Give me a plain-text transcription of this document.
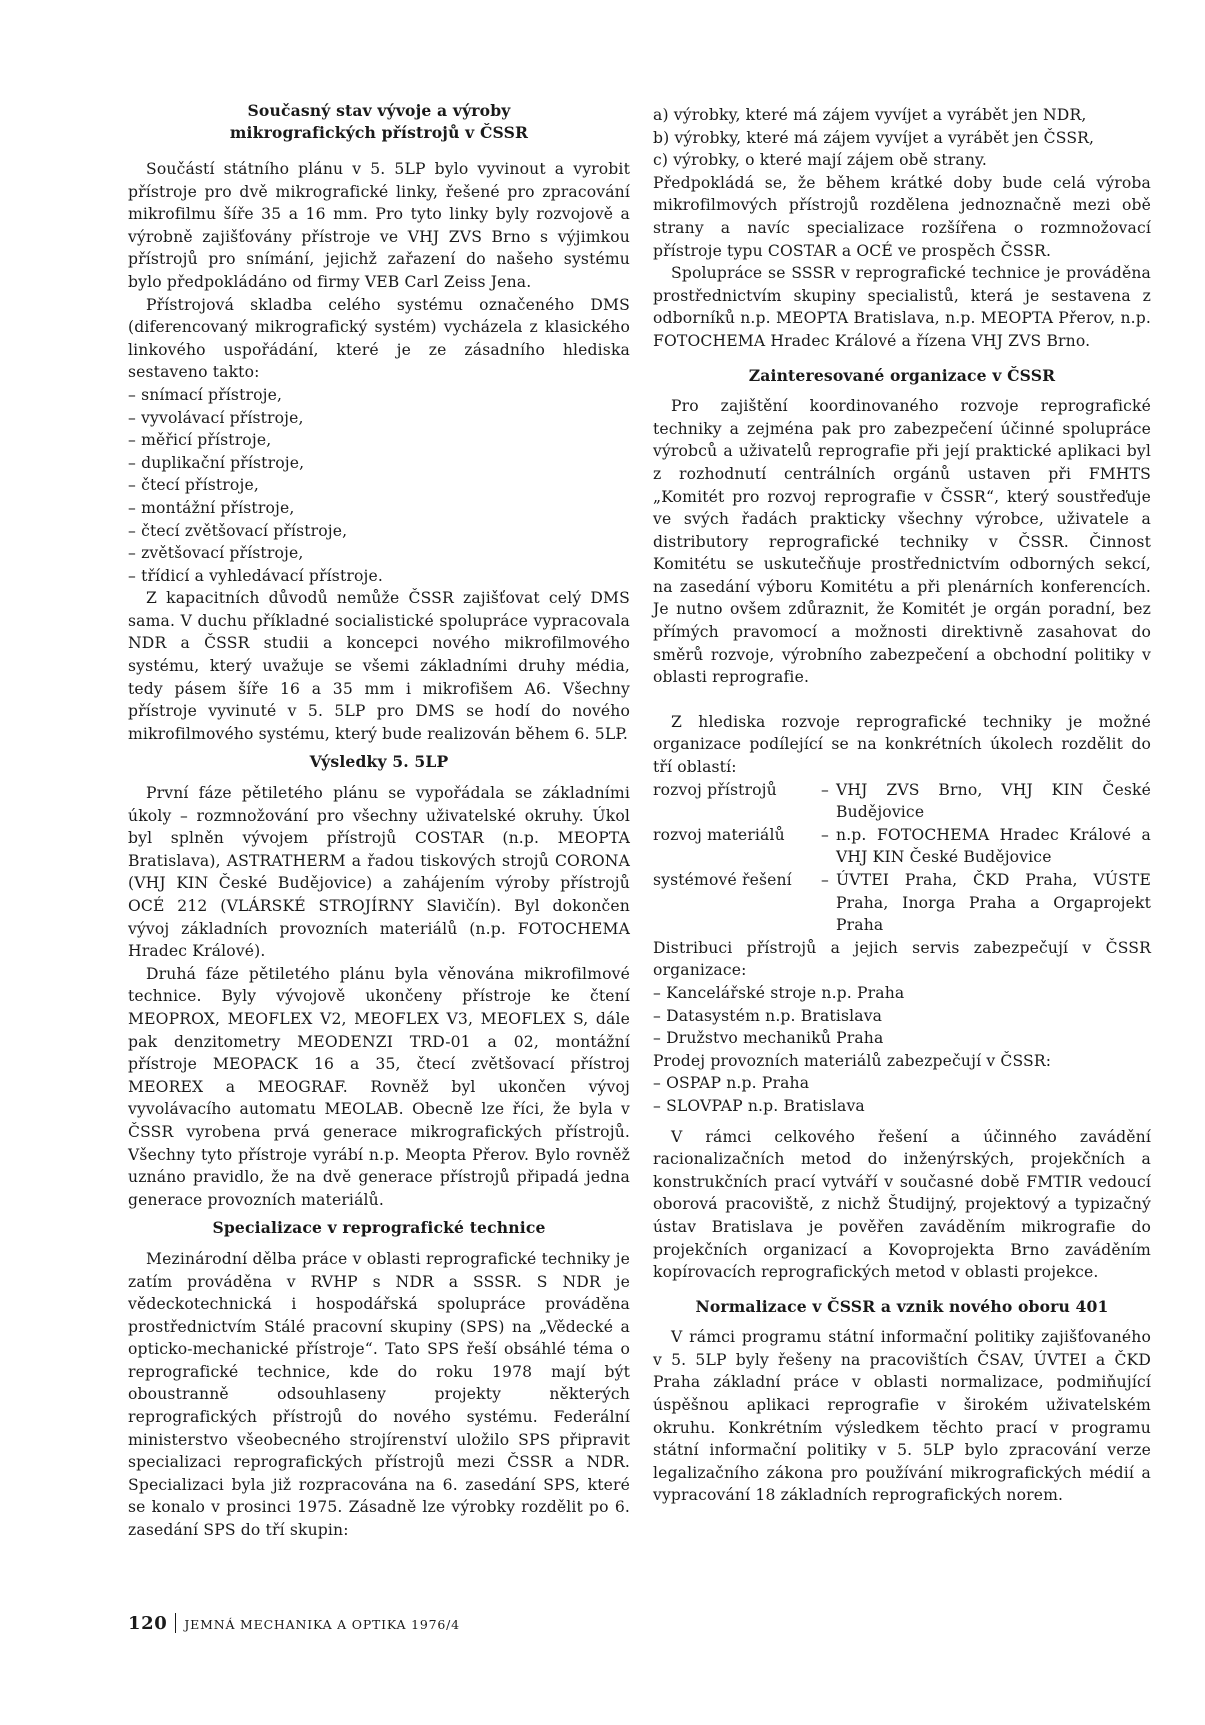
Současný stav vývoje a výroby
mikrografických přístrojů v ČSSR

Součástí státního plánu v 5. 5LP bylo vyvinout a vyrobit přístroje pro dvě mikrografické linky, řešené pro zpracování mikrofilmu šíře 35 a 16 mm. Pro tyto linky byly rozvojově a výrobně zajišťovány přístroje ve VHJ ZVS Brno s výjimkou přístrojů pro snímání, jejichž zařazení do našeho systému bylo předpokládáno od firmy VEB Carl Zeiss Jena.

Přístrojová skladba celého systému označeného DMS (diferencovaný mikrografický systém) vycházela z klasického linkového uspořádání, které je ze zásadního hlediska sestaveno takto:

– snímací přístroje,
– vyvolávací přístroje,
– měřicí přístroje,
– duplikační přístroje,
– čtecí přístroje,
– montážní přístroje,
– čtecí zvětšovací přístroje,
– zvětšovací přístroje,
– třídicí a vyhledávací přístroje.

Z kapacitních důvodů nemůže ČSSR zajišťovat celý DMS sama. V duchu příkladné socialistické spolupráce vypracovala NDR a ČSSR studii a koncepci nového mikrofilmového systému, který uvažuje se všemi základními druhy média, tedy pásem šíře 16 a 35 mm i mikrofišem A6. Všechny přístroje vyvinuté v 5. 5LP pro DMS se hodí do nového mikrofilmového systému, který bude realizován během 6. 5LP.

Výsledky 5. 5LP

První fáze pětiletého plánu se vypořádala se základními úkoly – rozmnožování pro všechny uživatelské okruhy. Úkol byl splněn vývojem přístrojů COSTAR (n.p. MEOPTA Bratislava), ASTRATHERM a řadou tiskových strojů CORONA (VHJ KIN České Budějovice) a zahájením výroby přístrojů OCÉ 212 (VLÁRSKÉ STROJÍRNY Slavičín). Byl dokončen vývoj základních provozních materiálů (n.p. FOTOCHEMA Hradec Králové).

Druhá fáze pětiletého plánu byla věnována mikrofilmové technice. Byly vývojově ukončeny přístroje ke čtení MEOPROX, MEOFLEX V2, MEOFLEX V3, MEOFLEX S, dále pak denzitometry MEODENZI TRD-01 a 02, montážní přístroje MEOPACK 16 a 35, čtecí zvětšovací přístroj MEOREX a MEOGRAF. Rovněž byl ukončen vývoj vyvolávacího automatu MEOLAB. Obecně lze říci, že byla v ČSSR vyrobena prvá generace mikrografických přístrojů. Všechny tyto přístroje vyrábí n.p. Meopta Přerov. Bylo rovněž uznáno pravidlo, že na dvě generace přístrojů připadá jedna generace provozních materiálů.

Specializace v reprografické technice

Mezinárodní dělba práce v oblasti reprografické techniky je zatím prováděna v RVHP s NDR a SSSR. S NDR je vědeckotechnická i hospodářská spolupráce prováděna prostřednictvím Stálé pracovní skupiny (SPS) na „Vědecké a opticko-mechanické přístroje“. Tato SPS řeší obsáhlé téma o reprografické technice, kde do roku 1978 mají být oboustranně odsouhlaseny projekty některých reprografických přístrojů do nového systému. Federální ministerstvo všeobecného strojírenství uložilo SPS připravit specializaci reprografických přístrojů mezi ČSSR a NDR. Specializaci byla již rozpracována na 6. zasedání SPS, které se konalo v prosinci 1975. Zásadně lze výrobky rozdělit po 6. zasedání SPS do tří skupin:

a) výrobky, které má zájem vyvíjet a vyrábět jen NDR,
b) výrobky, které má zájem vyvíjet a vyrábět jen ČSSR,
c) výrobky, o které mají zájem obě strany.

Předpokládá se, že během krátké doby bude celá výroba mikrofilmových přístrojů rozdělena jednoznačně mezi obě strany a navíc specializace rozšířena o rozmnožovací přístroje typu COSTAR a OCÉ ve prospěch ČSSR.

Spolupráce se SSSR v reprografické technice je prováděna prostřednictvím skupiny specialistů, která je sestavena z odborníků n.p. MEOPTA Bratislava, n.p. MEOPTA Přerov, n.p. FOTOCHEMA Hradec Králové a řízena VHJ ZVS Brno.

Zainteresované organizace v ČSSR

Pro zajištění koordinovaného rozvoje reprografické techniky a zejména pak pro zabezpečení účinné spolupráce výrobců a uživatelů reprografie při její praktické aplikaci byl z rozhodnutí centrálních orgánů ustaven při FMHTS „Komitét pro rozvoj reprografie v ČSSR“, který soustřeďuje ve svých řadách prakticky všechny výrobce, uživatele a distributory reprografické techniky v ČSSR. Činnost Komitétu se uskutečňuje prostřednictvím odborných sekcí, na zasedání výboru Komitétu a při plenárních konferencích. Je nutno ovšem zdůraznit, že Komitét je orgán poradní, bez přímých pravomocí a možnosti direktivně zasahovat do směrů rozvoje, výrobního zabezpečení a obchodní politiky v oblasti reprografie.

Z hlediska rozvoje reprografické techniky je možné organizace podílející se na konkrétních úkolech rozdělit do tří oblastí:

rozvoj přístrojů	– VHJ ZVS Brno, VHJ KIN České Budějovice
rozvoj materiálů	– n.p. FOTOCHEMA Hradec Králové a VHJ KIN České Budějovice
systémové řešení	– ÚVTEI Praha, ČKD Praha, VÚSTE Praha, Inorga Praha a Orgaprojekt Praha

Distribuci přístrojů a jejich servis zabezpečují v ČSSR organizace:

– Kancelářské stroje n.p. Praha
– Datasystém n.p. Bratislava
– Družstvo mechaniků Praha

Prodej provozních materiálů zabezpečují v ČSSR:

– OSPAP n.p. Praha
– SLOVPAP n.p. Bratislava

V rámci celkového řešení a účinného zavádění racionalizačních metod do inženýrských, projekčních a konstrukčních prací vytváří v současné době FMTIR vedoucí oborová pracoviště, z nichž Študijný, projektový a typizačný ústav Bratislava je pověřen zaváděním mikrografie do projekčních organizací a Kovoprojekta Brno zaváděním kopírovacích reprografických metod v oblasti projekce.

Normalizace v ČSSR a vznik nového oboru 401

V rámci programu státní informační politiky zajišťovaného v 5. 5LP byly řešeny na pracovištích ČSAV, ÚVTEI a ČKD Praha základní práce v oblasti normalizace, podmiňující úspěšnou aplikaci reprografie v širokém uživatelském okruhu. Konkrétním výsledkem těchto prací v programu státní informační politiky v 5. 5LP bylo zpracování verze legalizačního zákona pro používání mikrografických médií a vypracování 18 základních reprografických norem.

120 JEMNÁ MECHANIKA A OPTIKA 1976/4
